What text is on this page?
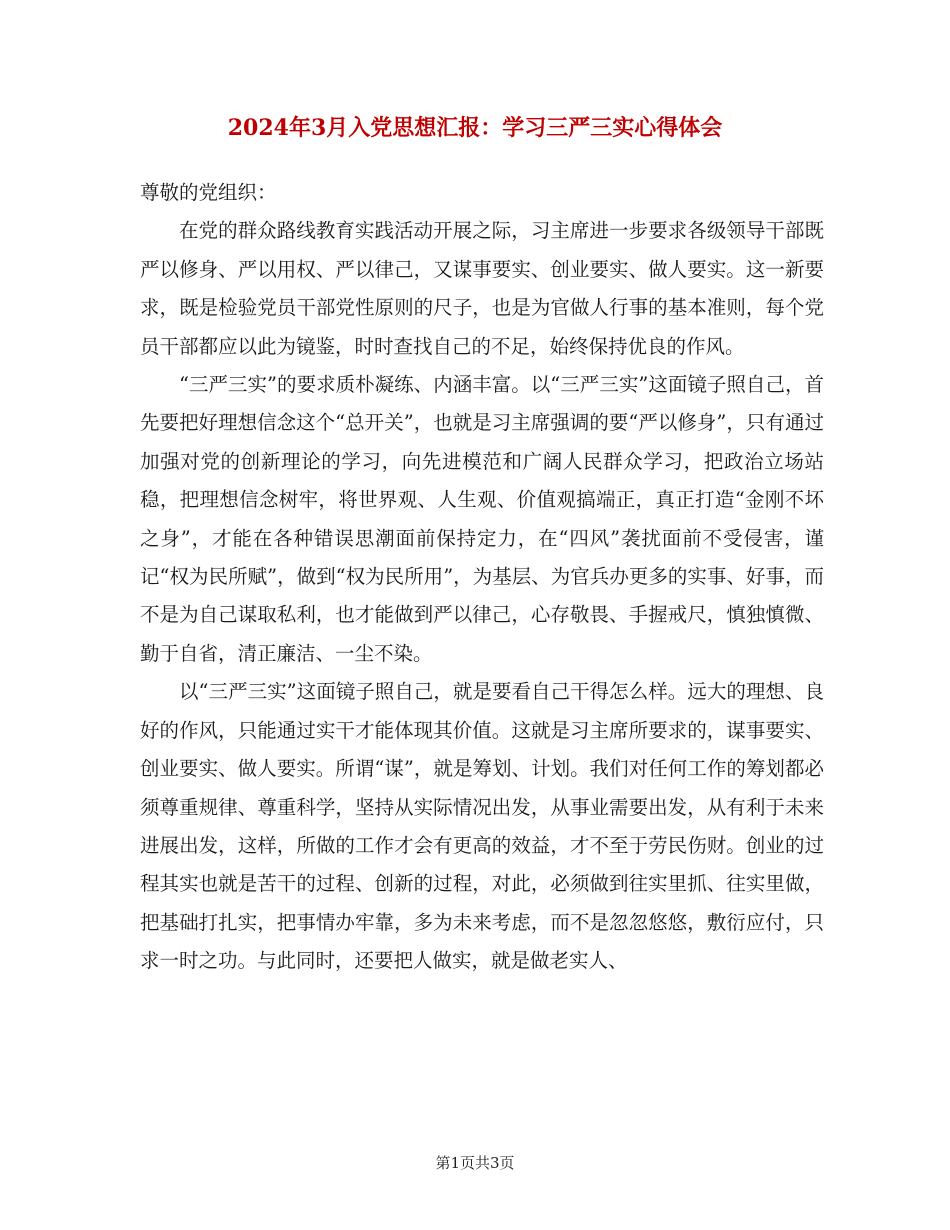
2024年3月入党思想汇报：学习三严三实心得体会

尊敬的党组织：

在党的群众路线教育实践活动开展之际，习主席进一步要求各级领导干部既严以修身、严以用权、严以律己，又谋事要实、创业要实、做人要实。这一新要求，既是检验党员干部党性原则的尺子，也是为官做人行事的基本准则，每个党员干部都应以此为镜鉴，时时查找自己的不足，始终保持优良的作风。

“三严三实”的要求质朴凝练、内涵丰富。以“三严三实”这面镜子照自己，首先要把好理想信念这个“总开关”，也就是习主席强调的要“严以修身”，只有通过加强对党的创新理论的学习，向先进模范和广阔人民群众学习，把政治立场站稳，把理想信念树牢，将世界观、人生观、价值观搞端正，真正打造“金刚不坏之身”，才能在各种错误思潮面前保持定力，在“四风”袭扰面前不受侵害，谨记“权为民所赋”，做到“权为民所用”，为基层、为官兵办更多的实事、好事，而不是为自己谋取私利，也才能做到严以律己，心存敬畏、手握戒尺，慎独慎微、勤于自省，清正廉洁、一尘不染。

以“三严三实”这面镜子照自己，就是要看自己干得怎么样。远大的理想、良好的作风，只能通过实干才能体现其价值。这就是习主席所要求的，谋事要实、创业要实、做人要实。所谓“谋”，就是筹划、计划。我们对任何工作的筹划都必须尊重规律、尊重科学，坚持从实际情况出发，从事业需要出发，从有利于未来进展出发，这样，所做的工作才会有更高的效益，才不至于劳民伤财。创业的过程其实也就是苦干的过程、创新的过程，对此，必须做到往实里抓、往实里做，把基础打扎实，把事情办牢靠，多为未来考虑，而不是忽忽悠悠，敷衍应付，只求一时之功。与此同时，还要把人做实，就是做老实人、

第1页共3页
